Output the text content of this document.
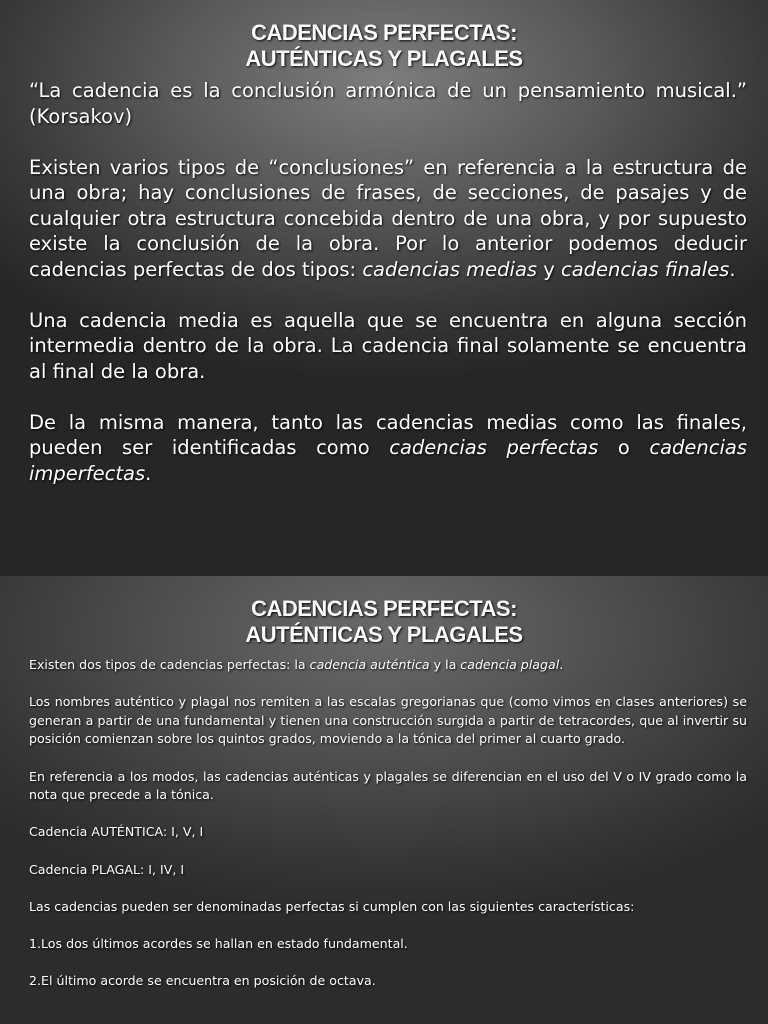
CADENCIAS PERFECTAS:
AUTÉNTICAS Y PLAGALES

“La cadencia es la conclusión armónica de un pensamiento musical.” (Korsakov)

Existen varios tipos de “conclusiones” en referencia a la estructura de una obra; hay conclusiones de frases, de secciones, de pasajes y de cualquier otra estructura concebida dentro de una obra, y por supuesto existe la conclusión de la obra. Por lo anterior podemos deducir cadencias perfectas de dos tipos: cadencias medias y cadencias finales.

Una cadencia media es aquella que se encuentra en alguna sección intermedia dentro de la obra. La cadencia final solamente se encuentra al final de la obra.

De la misma manera, tanto las cadencias medias como las finales, pueden ser identificadas como cadencias perfectas o cadencias imperfectas.

CADENCIAS PERFECTAS:
AUTÉNTICAS Y PLAGALES

Existen dos tipos de cadencias perfectas: la cadencia auténtica y la cadencia plagal.

Los nombres auténtico y plagal nos remiten a las escalas gregorianas que (como vimos en clases anteriores) se generan a partir de una fundamental y tienen una construcción surgida a partir de tetracordes, que al invertir su posición comienzan sobre los quintos grados, moviendo a la tónica del primer al cuarto grado.

En referencia a los modos, las cadencias auténticas y plagales se diferencian en el uso del V o IV grado como la nota que precede a la tónica.

Cadencia AUTÉNTICA: I, V, I

Cadencia PLAGAL: I, IV, I

Las cadencias pueden ser denominadas perfectas si cumplen con las siguientes características:

1.Los dos últimos acordes se hallan en estado fundamental.

2.El último acorde se encuentra en posición de octava.
